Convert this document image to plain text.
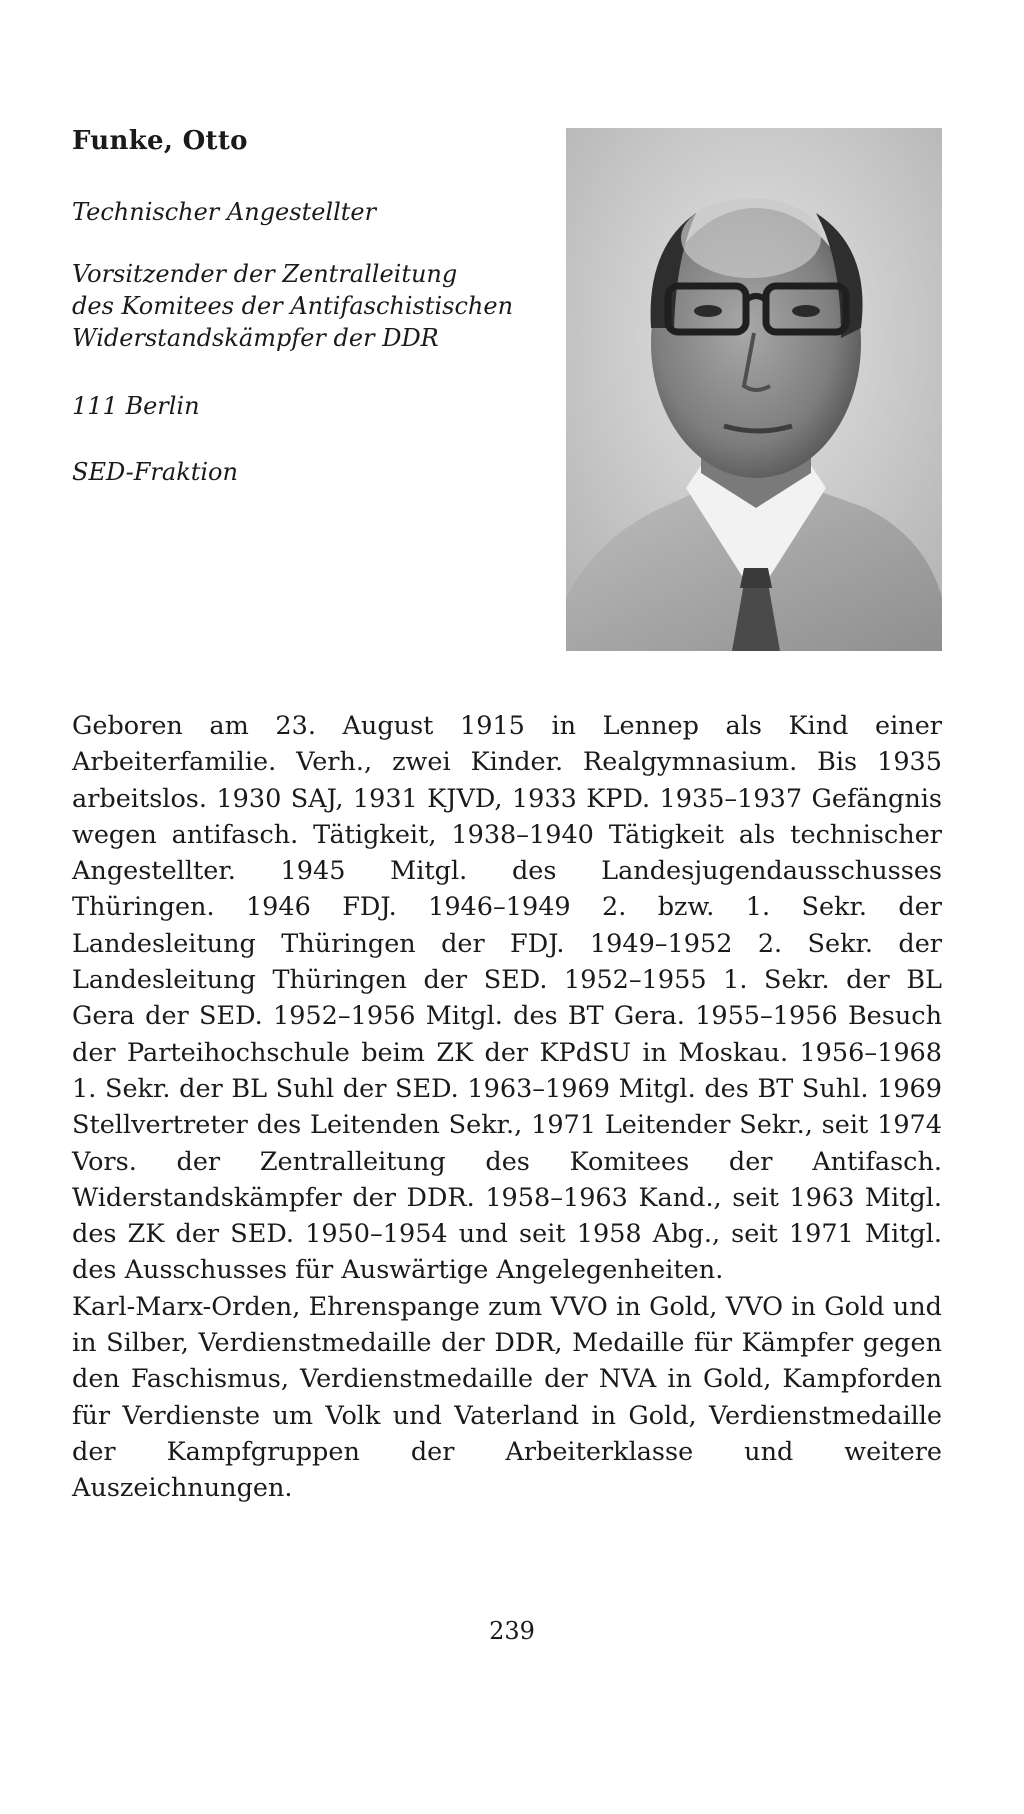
Funke, Otto
Technischer Angestellter
Vorsitzender der Zentralleitung
des Komitees der Antifaschistischen
Widerstandskämpfer der DDR
111 Berlin
SED-Fraktion

Geboren am 23. August 1915 in Lennep als Kind einer Arbeiterfamilie. Verh., zwei Kinder. Realgymnasium. Bis 1935 arbeitslos. 1930 SAJ, 1931 KJVD, 1933 KPD. 1935–1937 Gefängnis wegen antifasch. Tätigkeit, 1938–1940 Tätigkeit als technischer Angestellter. 1945 Mitgl. des Landesjugendausschusses Thüringen. 1946 FDJ. 1946–1949 2. bzw. 1. Sekr. der Landesleitung Thüringen der FDJ. 1949–1952 2. Sekr. der Landesleitung Thüringen der SED. 1952–1955 1. Sekr. der BL Gera der SED. 1952–1956 Mitgl. des BT Gera. 1955–1956 Besuch der Parteihochschule beim ZK der KPdSU in Moskau. 1956–1968 1. Sekr. der BL Suhl der SED. 1963–1969 Mitgl. des BT Suhl. 1969 Stellvertreter des Leitenden Sekr., 1971 Leitender Sekr., seit 1974 Vors. der Zentralleitung des Komitees der Antifasch. Widerstandskämpfer der DDR. 1958–1963 Kand., seit 1963 Mitgl. des ZK der SED. 1950–1954 und seit 1958 Abg., seit 1971 Mitgl. des Ausschusses für Auswärtige Angelegenheiten.

Karl-Marx-Orden, Ehrenspange zum VVO in Gold, VVO in Gold und in Silber, Verdienstmedaille der DDR, Medaille für Kämpfer gegen den Faschismus, Verdienstmedaille der NVA in Gold, Kampforden für Verdienste um Volk und Vaterland in Gold, Verdienstmedaille der Kampfgruppen der Arbeiterklasse und weitere Auszeichnungen.

239
